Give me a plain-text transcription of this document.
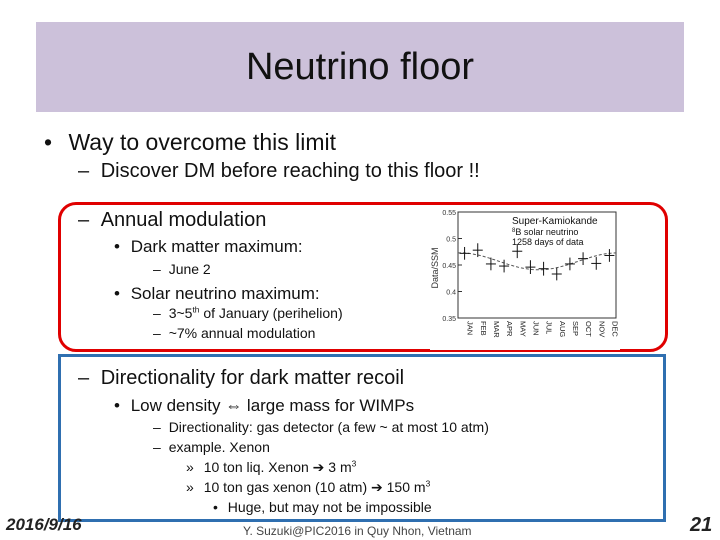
Neutrino floor
• Way to overcome this limit
– Discover DM before reaching to this floor !!
– Annual modulation
• Dark matter maximum:
– June 2
• Solar neutrino maximum:
– 3~5th of January (perihelion)
– ~7% annual modulation
Data/SSM
Super-Kamiokande
$^8$B solar neutrino
1258 days of data
0.55
0.5
0.45
0.4
0.35
JAN FEB MAR APR MAY JUN JUL AUG SEP OCT NOV DEC
– Directionality for dark matter recoil
• Low density ⇔ large mass for WIMPs
– Directionality: gas detector (a few ~ at most 10 atm)
– example. Xenon
» 10 ton liq. Xenon ➔ 3 $m^3$
» 10 ton gas xenon (10 atm) ➔ 150 $m^3$
• Huge, but may not be impossible
2016/9/16	Y. Suzuki@PIC2016 in Quy Nhon, Vietnam	21
